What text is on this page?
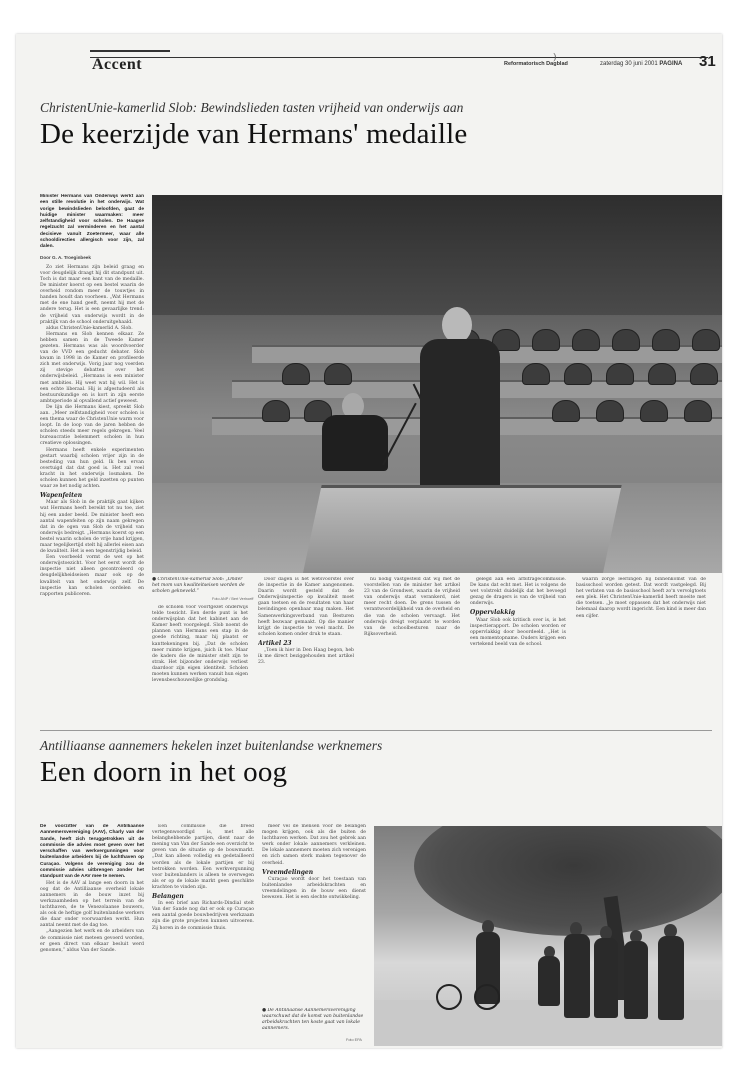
Accent	Reformatorisch Dagblad
)
zaterdag 30 juni 2001 PAGINA 31
ChristenUnie-kamerlid Slob: Bewindslieden tasten vrijheid van onderwijs aan
De keerzijde van Hermans' medaille

Minister Hermans van Onderwijs werkt aan een stille revolutie in het onderwijs. Wat vorige bewindslieden beloofden, gaat de huidige minister waarmaken: meer zelfstandigheid voor scholen. De Haagse regelzucht zal verminderen en het aantal decisieve vanuit Zoetermeer, waar alle schooldirecties allergisch voor zijn, zal dalen.

Door G. A. Troeginbeek

Zo ziet Hermans zijn beleid graag en voor deugdelijk draagt hij dit standpunt uit. Toch is dat maar een kant van de medaille. De minister koerst op een bestel waarin de overheid rondom meer de touwtjes in handen houdt dan voorheen. „Wat Hermans met de ene hand geeft, neemt hij met de andere terug. Het is een gevaarlijke trend: de vrijheid van onderwijs wordt in de praktijk van de school onderuitgehaald.

aldus ChristenUnie-kamerlid A. Slob.

Hermans en Slob kennen elkaar. Ze hebben samen in de Tweede Kamer gezeten. Hermans was als woordvoerder van de VVD een geducht debater. Slob kwam in 1998 in de Kamer en profileerde zich met onderwijs. Vorig jaar nog voerden zij stevige debatten over het onderwijsbeleid. „Hermans is een minister met ambities. Hij weet wat hij wil. Het is een echte liberaal. Hij is afgestudeerd als bestuurskundige en is kort in zijn eerste ambtsperiode al opvallend actief geweest.

De lijn die Hermans kiest, spreekt Slob aan. „Meer zelfstandigheid voor scholen is een thema waar de ChristenUnie warm voor loopt. In de loop van de jaren hebben de scholen steeds meer regels gekregen. Veel bureaucratie belemmert scholen in hun creatieve oplossingen.

Hermans heeft enkele experimenten gestart waarbij scholen vrijer zijn in de besteding van hun geld. Ik ben ervan overtuigd dat dat goed is. Het zal veel kracht in het onderwijs losmaken. De scholen kunnen het geld inzetten op punten waar ze het nodig achten.

Wapenfeiten

Maar als Slob in de praktijk gaat kijken wat Hermans heeft bereikt tot nu toe, ziet hij een ander beeld. De minister heeft een aantal wapenfeiten op zijn naam gekregen dat in de ogen van Slob de vrijheid van onderwijs bedreigt. „Hermans koerst op een bestel waarin scholen de vrije hand krijgen, maar tegelijkertijd stelt hij allerlei eisen aan de kwaliteit. Het is een tegenstrijdig beleid.

Een voorbeeld vormt de wet op het onderwijstoezicht. Voor het eerst wordt de inspectie niet alleen gecontroleerd op deugdelijkheidseisen maar ook op de kwaliteit van het onderwijs zelf. De inspectie kan scholen oordelen en rapporten publiceren.

● ChristenUnie-kamerlid Slob: „Onder het mom van kwaliteitseisen worden de scholen gekneveld.”
Foto ANP / Bert Verhoeff

de scholen voor voortgezet onderwijs telde toezicht. Een derde punt is het onderwijsplan dat het kabinet aan de Kamer heeft voorgelegd. Slob noemt de plannen van Hermans een stap in de goede richting, maar hij plaatst er kanttekeningen bij. „Dat de scholen meer ruimte krijgen, juich ik toe. Maar de kaders die de minister stelt zijn te strak. Het bijzonder onderwijs verliest daardoor zijn eigen identiteit. Scholen moeten kunnen werken vanuit hun eigen levensbeschouwelijke grondslag.

Door dagen is het wetsvoorstel over de inspectie in de Kamer aangenomen. Daarin wordt gesteld dat de Onderwijsinspectie op kwaliteit moet gaan toetsen en de resultaten van haar bevindingen openbaar mag maken. Het Samenwerkingsverband van Besturen heeft bezwaar gemaakt. Op die manier krijgt de inspectie te veel macht. De scholen komen onder druk te staan.

Artikel 23

„Toen ik hier in Den Haag begon, heb ik me direct beziggehouden met artikel 23.

nu nodig vastgesteld dat wij met de voorstellen van de minister het artikel 23 van de Grondwet, waarin de vrijheid van onderwijs staat verankerd, niet meer recht doen. De grens tussen de verantwoordelijkheid van de overheid en die van de scholen vervaagt. Het onderwijs dreigt verplaatst te worden van de schoolbesturen naar de Rijksoverheid.

gelegd aan een arbitragecommissie. De kans dat echt met. Het is volgens de wet volstrekt duidelijk dat het bevoegd gezag de dragers is van de vrijheid van onderwijs.

Oppervlakkig

Waar Slob ook kritisch over is, is het inspectierapport. De scholen worden er oppervlakkig door beoordeeld. „Het is een momentopname. Ouders krijgen een vertekend beeld van de school.

waarin zorge leerlingen bij binnenkomst van de basisschool worden getest. Dat wordt vastgelegd. Bij het verlaten van de basisschool heeft zo'n vervolgtoets een plek. Het ChristenUnie-kamerlid heeft moeite met die toetsen. „Je moet oppassen dat het onderwijs niet helemaal daarop wordt ingericht. Een kind is meer dan een cijfer.

Antilliaanse aannemers hekelen inzet buitenlandse werknemers
Een doorn in het oog

De voorzitter van de Antilliaanse Aannemersvereniging (AAV), Charly van der Sande, heeft zich teruggetrokken uit de commissie die advies moet geven over het verschaffen van werkvergunningen voor buitenlandse arbeiders bij de luchthaven op Curaçao. Volgens de vereniging zou de commissie advies uitbrengen zonder het standpunt van de AAV mee te nemen.

Het is de AAV al lange een doorn in het oog dat de Antilliaanse overheid lokale aannemers in de bouw inzet bij werkzaamheden op het terrein van de luchthaven, de te Venezolaanse bouwers, als ook de heftige golf buitenlandse werkers die daar onder voorwaarden werkt. Hun aantal neemt met de dag toe.

„Aangezien het werk en de arbeiders van de commissie niet meteen gevoerd worden, er geen direct van elkaar besluit werd genomen,” aldus Van der Sande.

Een commissie die breed vertegenwoordigd is, met alle belanghebbende partijen, dient naar de mening van Van der Sande een overzicht te geven van de situatie op de bouwmarkt. „Dat kan alleen volledig en gedetailleerd worden als de lokale partijen er bij betrokken worden. Een werkvergunning voor buitenlanders is alleen te overwegen als er op de lokale markt geen geschikte krachten te vinden zijn.

Belangen

In een brief aan Richards-Dindial stelt Van der Sande nog dat er ook op Curaçao een aantal goede bouwbedrijven werkzaam zijn die grote projecten kunnen uitvoeren. Zij horen in de commissie thuis.

meer vel de mensen voor de belangen mogen krijgen, ook als die buiten de luchthaven werken. Dat zou het gebrek aan werk onder lokale aannemers verkleinen. De lokale aannemers moeten zich verenigen en zich samen sterk maken tegenover de overheid.

Vreemdelingen

Curaçao wordt door het toestaan van buitenlandse arbeidskrachten en vreemdelingen in de bouw een dienst bewezen. Het is een slechte ontwikkeling.

● De Antilliaanse Aannemersvereniging waarschuwt dat de komst van buitenlandse arbeidskrachten ten koste gaat van lokale aannemers.
Foto EPA
